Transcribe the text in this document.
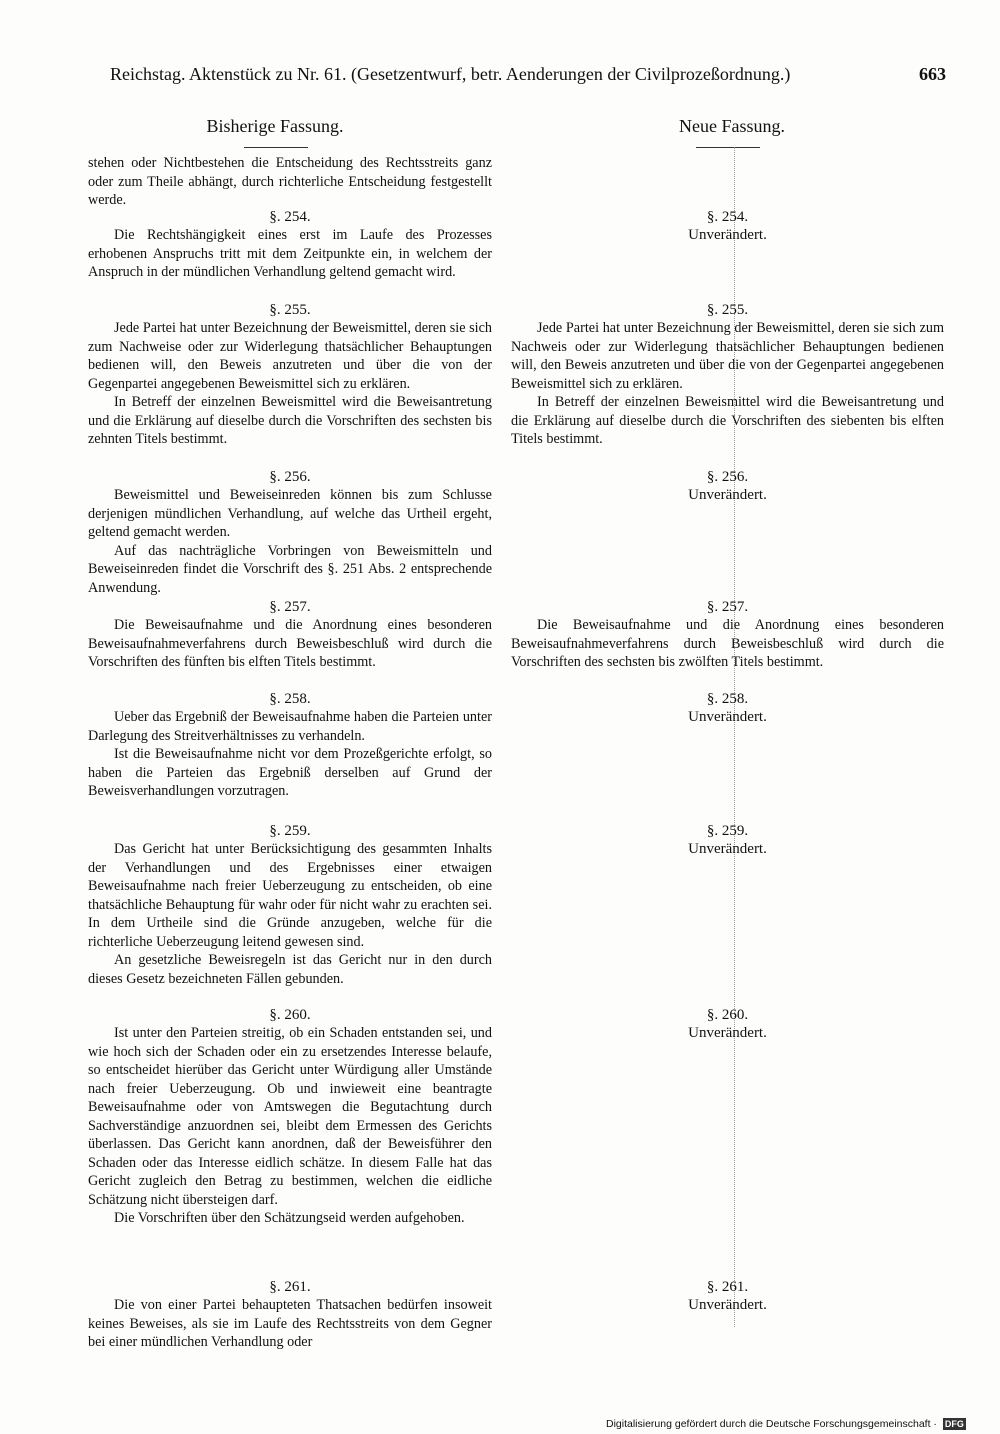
Reichstag. Aktenstück zu Nr. 61. (Gesetzentwurf, betr. Aenderungen der Civilprozeßordnung.)	663
Bisherige Fassung.	Neue Fassung.

stehen oder Nichtbestehen die Entscheidung des Rechtsstreits ganz oder zum Theile abhängt, durch richterliche Entscheidung festgestellt werde.

§. 254.

Die Rechtshängigkeit eines erst im Laufe des Prozesses erhobenen Anspruchs tritt mit dem Zeitpunkte ein, in welchem der Anspruch in der mündlichen Verhandlung geltend gemacht wird.

§. 255.

Jede Partei hat unter Bezeichnung der Beweismittel, deren sie sich zum Nachweise oder zur Widerlegung thatsächlicher Behauptungen bedienen will, den Beweis anzutreten und über die von der Gegenpartei angegebenen Beweismittel sich zu erklären.

In Betreff der einzelnen Beweismittel wird die Beweisantretung und die Erklärung auf dieselbe durch die Vorschriften des sechsten bis zehnten Titels bestimmt.

§. 256.

Beweismittel und Beweiseinreden können bis zum Schlusse derjenigen mündlichen Verhandlung, auf welche das Urtheil ergeht, geltend gemacht werden.

Auf das nachträgliche Vorbringen von Beweismitteln und Beweiseinreden findet die Vorschrift des §. 251 Abs. 2 entsprechende Anwendung.

§. 257.

Die Beweisaufnahme und die Anordnung eines besonderen Beweisaufnahmeverfahrens durch Beweisbeschluß wird durch die Vorschriften des fünften bis elften Titels bestimmt.

§. 258.

Ueber das Ergebniß der Beweisaufnahme haben die Parteien unter Darlegung des Streitverhältnisses zu verhandeln.

Ist die Beweisaufnahme nicht vor dem Prozeßgerichte erfolgt, so haben die Parteien das Ergebniß derselben auf Grund der Beweisverhandlungen vorzutragen.

§. 259.

Das Gericht hat unter Berücksichtigung des gesammten Inhalts der Verhandlungen und des Ergebnisses einer etwaigen Beweisaufnahme nach freier Ueberzeugung zu entscheiden, ob eine thatsächliche Behauptung für wahr oder für nicht wahr zu erachten sei. In dem Urtheile sind die Gründe anzugeben, welche für die richterliche Ueberzeugung leitend gewesen sind.

An gesetzliche Beweisregeln ist das Gericht nur in den durch dieses Gesetz bezeichneten Fällen gebunden.

§. 260.

Ist unter den Parteien streitig, ob ein Schaden entstanden sei, und wie hoch sich der Schaden oder ein zu ersetzendes Interesse belaufe, so entscheidet hierüber das Gericht unter Würdigung aller Umstände nach freier Ueberzeugung. Ob und inwieweit eine beantragte Beweisaufnahme oder von Amtswegen die Begutachtung durch Sachverständige anzuordnen sei, bleibt dem Ermessen des Gerichts überlassen. Das Gericht kann anordnen, daß der Beweisführer den Schaden oder das Interesse eidlich schätze. In diesem Falle hat das Gericht zugleich den Betrag zu bestimmen, welchen die eidliche Schätzung nicht übersteigen darf.

Die Vorschriften über den Schätzungseid werden aufgehoben.

§. 261.

Die von einer Partei behaupteten Thatsachen bedürfen insoweit keines Beweises, als sie im Laufe des Rechtsstreits von dem Gegner bei einer mündlichen Verhandlung oder

§. 254.
Unverändert.
§. 255.

Jede Partei hat unter Bezeichnung der Beweismittel, deren sie sich zum Nachweis oder zur Widerlegung thatsächlicher Behauptungen bedienen will, den Beweis anzutreten und über die von der Gegenpartei angegebenen Beweismittel sich zu erklären.

In Betreff der einzelnen Beweismittel wird die Beweisantretung und die Erklärung auf dieselbe durch die Vorschriften des siebenten bis elften Titels bestimmt.

§. 256.
Unverändert.
§. 257.

Die Beweisaufnahme und die Anordnung eines besonderen Beweisaufnahmeverfahrens durch Beweisbeschluß wird durch die Vorschriften des sechsten bis zwölften Titels bestimmt.

§. 258.
Unverändert.
§. 259.
Unverändert.
§. 260.
Unverändert.
§. 261.
Unverändert.
Digitalisierung gefördert durch die Deutsche Forschungsgemeinschaft · DFG
